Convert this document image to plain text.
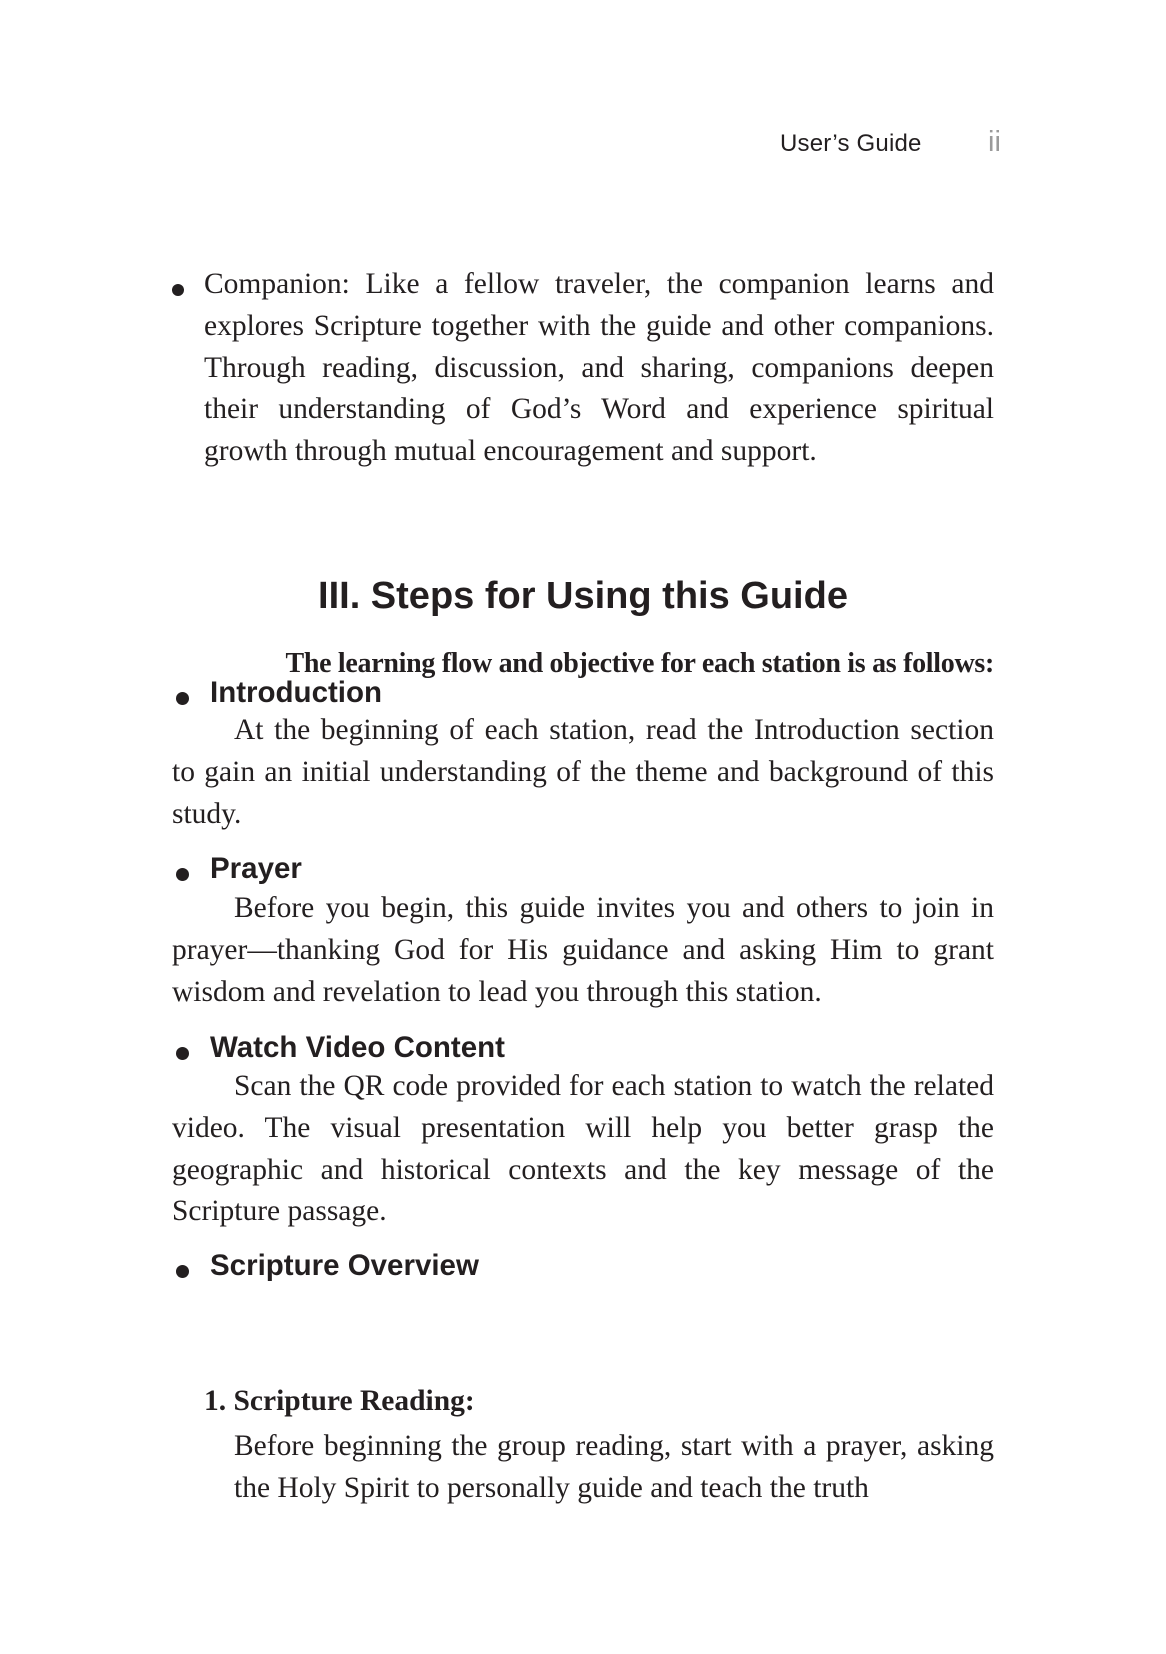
User’s Guide ii
Companion: Like a fellow traveler, the companion learns and explores Scripture together with the guide and other companions. Through reading, discussion, and sharing, companions deepen their understanding of God’s Word and experience spiritual growth through mutual encouragement and support.
III. Steps for Using this Guide
The learning flow and objective for each station is as follows:
Introduction
At the beginning of each station, read the Introduction section to gain an initial understanding of the theme and background of this study.
Prayer
Before you begin, this guide invites you and others to join in prayer—thanking God for His guidance and asking Him to grant wisdom and revelation to lead you through this station.
Watch Video Content
Scan the QR code provided for each station to watch the related video. The visual presentation will help you better grasp the geographic and historical contexts and the key message of the Scripture passage.
Scripture Overview
1. Scripture Reading:
Before beginning the group reading, start with a prayer, asking the Holy Spirit to personally guide and teach the truth
